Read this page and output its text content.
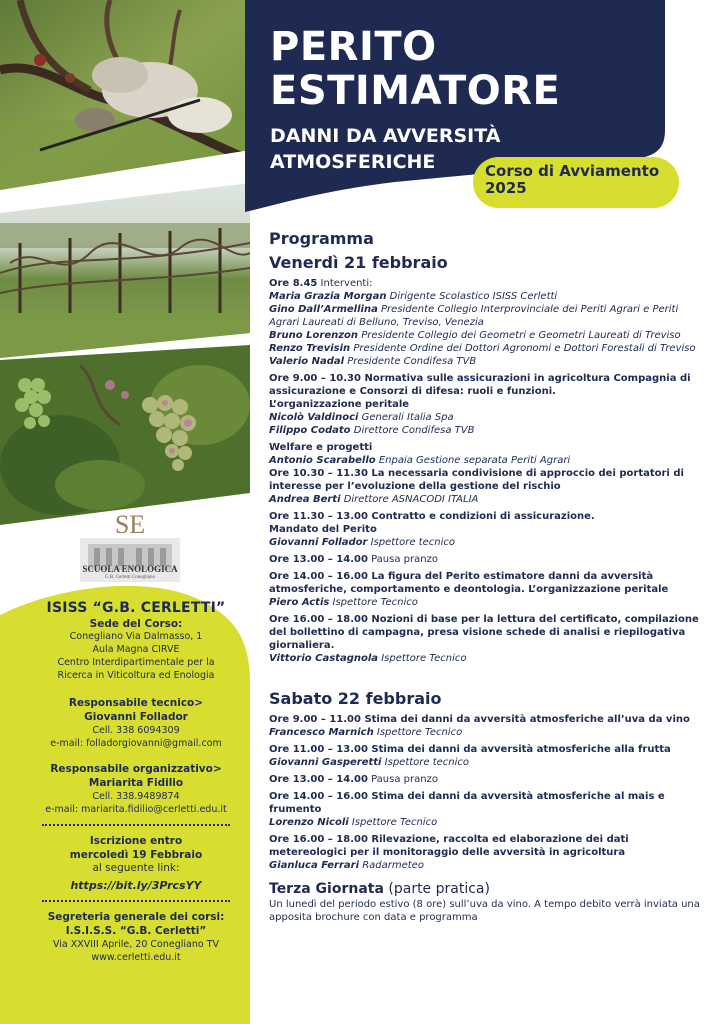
SE
SCUOLA ENOLOGICA
G.B. Cerletti Conegliano
ISISS “G.B. CERLETTI”
Sede del Corso:
Conegliano Via Dalmasso, 1
Aula Magna CIRVE
Centro Interdipartimentale per la
Ricerca in Viticoltura ed Enologia
Responsabile tecnico>
Giovanni Follador
Cell. 338 6094309
e-mail: folladorgiovanni@gmail.com
Responsabile organizzativo>
Mariarita Fidilio
Cell. 338.9489874
e-mail: mariarita.fidilio@cerletti.edu.it
Iscrizione entro
mercoledì 19 Febbraio
al seguente link:
https://bit.ly/3PrcsYY
Segreteria generale dei corsi:
I.S.I.S.S. “G.B. Cerletti”
Via XXVIII Aprile, 20 Conegliano TV
www.cerletti.edu.it
PERITO
ESTIMATORE
DANNI DA AVVERSITÀ
ATMOSFERICHE	Corso di Avviamento
2025
Programma
Venerdì 21 febbraio
Ore 8.45 Interventi:
Maria Grazia Morgan Dirigente Scolastico ISISS Cerletti
Gino Dall’Armellina Presidente Collegio Interprovinciale dei Periti Agrari e Periti Agrari Laureati di Belluno, Treviso, Venezia
Bruno Lorenzon Presidente Collegio dei Geometri e Geometri Laureati di Treviso
Renzo Trevisin Presidente Ordine dei Dottori Agronomi e Dottori Forestali di Treviso
Valerio Nadal Presidente Condifesa TVB
Ore 9.00 – 10.30 Normativa sulle assicurazioni in agricoltura Compagnia di assicurazione e Consorzi di difesa: ruoli e funzioni.
L’organizzazione peritale
Nicolò Valdinoci Generali Italia Spa
Filippo Codato Direttore Condifesa TVB
Welfare e progetti
Antonio Scarabello Enpaia Gestione separata Periti Agrari
Ore 10.30 – 11.30 La necessaria condivisione di approccio dei portatori di interesse per l’evoluzione della gestione del rischio
Andrea Berti Direttore ASNACODI ITALIA
Ore 11.30 – 13.00 Contratto e condizioni di assicurazione.
Mandato del Perito
Giovanni Follador Ispettore tecnico
Ore 13.00 – 14.00 Pausa pranzo
Ore 14.00 – 16.00 La figura del Perito estimatore danni da avversità atmosferiche, comportamento e deontologia. L’organizzazione peritale
Piero Actis Ispettore Tecnico
Ore 16.00 – 18.00 Nozioni di base per la lettura del certificato, compilazione del bollettino di campagna, presa visione schede di analisi e riepilogativa giornaliera.
Vittorio Castagnola Ispettore Tecnico
Sabato 22 febbraio
Ore 9.00 – 11.00 Stima dei danni da avversità atmosferiche all’uva da vino
Francesco Marnich Ispettore Tecnico
Ore 11.00 – 13.00 Stima dei danni da avversità atmosferiche alla frutta
Giovanni Gasperetti Ispettore tecnico
Ore 13.00 – 14.00 Pausa pranzo
Ore 14.00 – 16.00 Stima dei danni da avversità atmosferiche al mais e frumento
Lorenzo Nicoli Ispettore Tecnico
Ore 16.00 – 18.00 Rilevazione, raccolta ed elaborazione dei dati metereologici per il monitoraggio delle avversità in agricoltura
Gianluca Ferrari Radarmeteo
Terza Giornata (parte pratica)
Un lunedì del periodo estivo (8 ore) sull’uva da vino. A tempo debito verrà inviata una apposita brochure con data e programma
